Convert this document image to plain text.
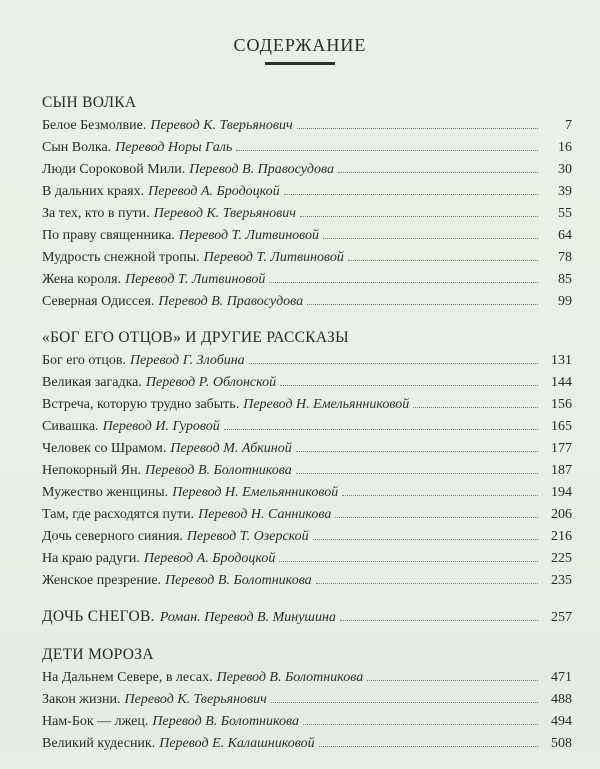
СОДЕРЖАНИЕ
СЫН ВОЛКА
Белое Безмолвие. Перевод К. Тверьянович	7
Сын Волка. Перевод Норы Галь	16
Люди Сороковой Мили. Перевод В. Правосудова	30
В дальних краях. Перевод А. Бродоцкой	39
За тех, кто в пути. Перевод К. Тверьянович	55
По праву священника. Перевод Т. Литвиновой	64
Мудрость снежной тропы. Перевод Т. Литвиновой	78
Жена короля. Перевод Т. Литвиновой	85
Северная Одиссея. Перевод В. Правосудова	99
«БОГ ЕГО ОТЦОВ» И ДРУГИЕ РАССКАЗЫ
Бог его отцов. Перевод Г. Злобина	131
Великая загадка. Перевод Р. Облонской	144
Встреча, которую трудно забыть. Перевод Н. Емельянниковой	156
Сивашка. Перевод И. Гуровой	165
Человек со Шрамом. Перевод М. Абкиной	177
Непокорный Ян. Перевод В. Болотникова	187
Мужество женщины. Перевод Н. Емельянниковой	194
Там, где расходятся пути. Перевод Н. Санникова	206
Дочь северного сияния. Перевод Т. Озерской	216
На краю радуги. Перевод А. Бродоцкой	225
Женское презрение. Перевод В. Болотникова	235
ДОЧЬ СНЕГОВ. Роман. Перевод В. Минушина	257
ДЕТИ МОРОЗА
На Дальнем Севере, в лесах. Перевод В. Болотникова	471
Закон жизни. Перевод К. Тверьянович	488
Нам-Бок — лжец. Перевод В. Болотникова	494
Великий кудесник. Перевод Е. Калашниковой	508
